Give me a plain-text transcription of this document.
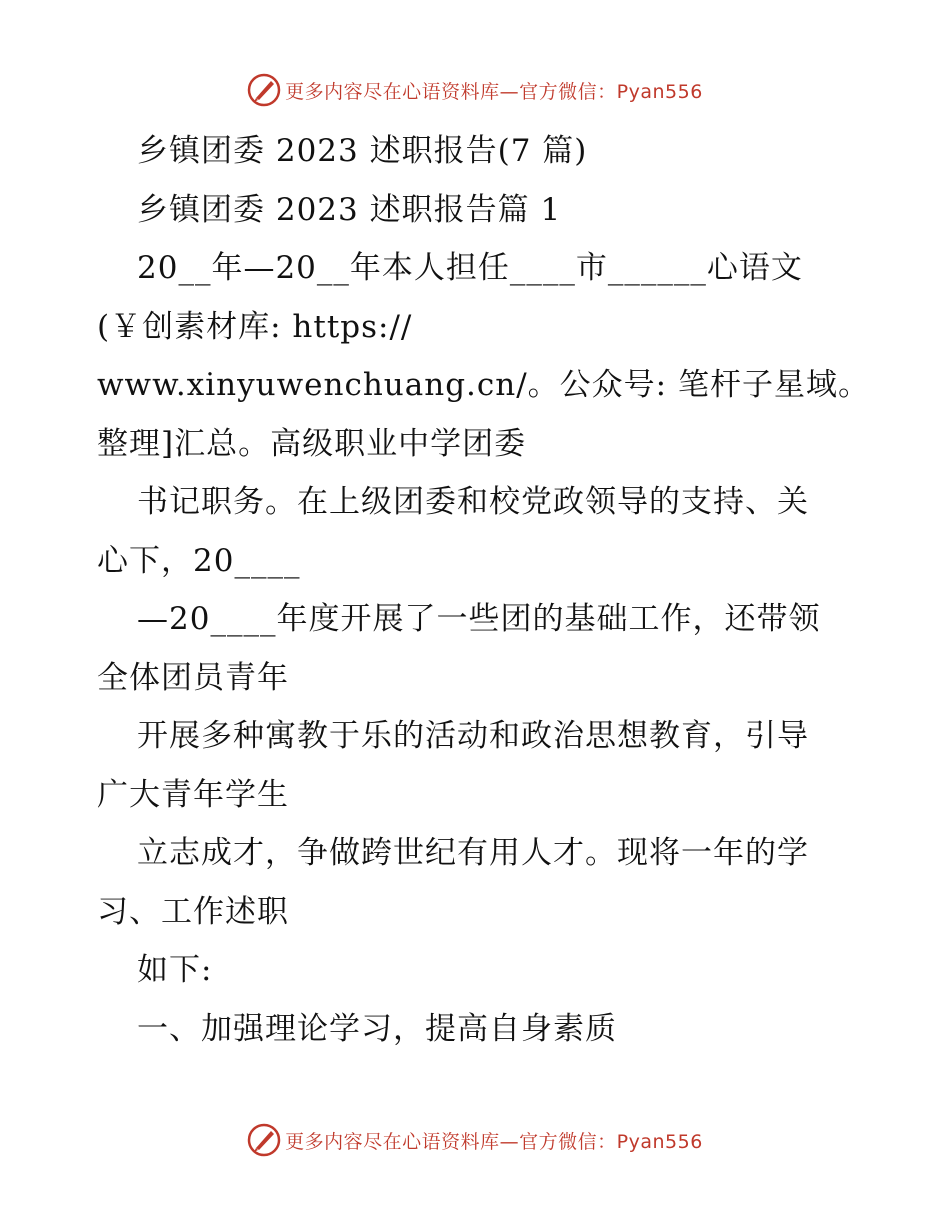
更多内容尽在心语资料库—官方微信：Pyan556
乡镇团委 2023 述职报告(7 篇)
乡镇团委 2023 述职报告篇 1
20__年—20__年本人担任____市______心语文
(￥创素材库: https://
www.xinyuwenchuang.cn/。公众号: 笔杆子星域。
整理]汇总。高级职业中学团委
书记职务。在上级团委和校党政领导的支持、关
心下，20____
—20____年度开展了一些团的基础工作，还带领
全体团员青年
开展多种寓教于乐的活动和政治思想教育，引导
广大青年学生
立志成才，争做跨世纪有用人才。现将一年的学
习、工作述职
如下:
一、加强理论学习，提高自身素质
更多内容尽在心语资料库—官方微信：Pyan556
